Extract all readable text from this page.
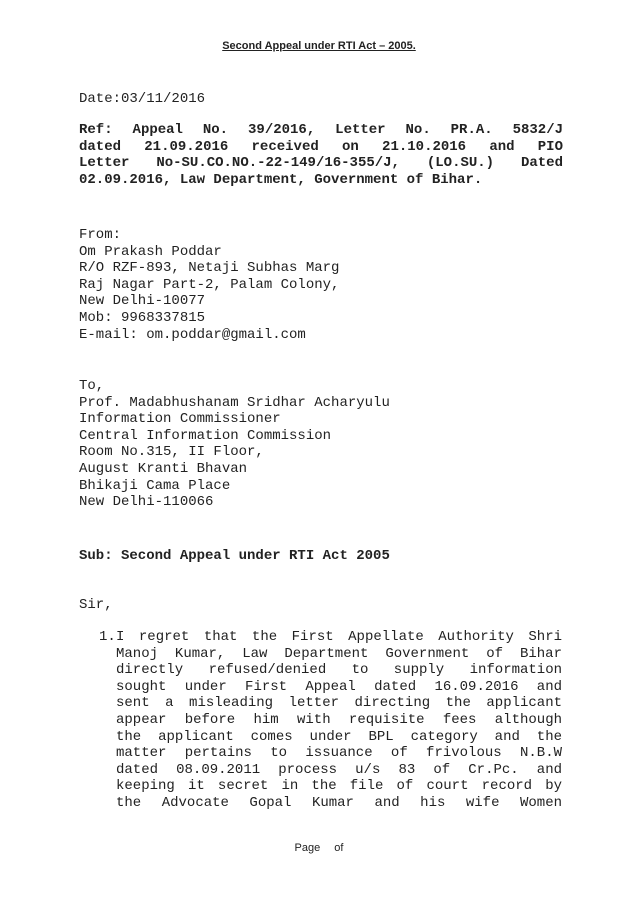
Second Appeal under RTI Act – 2005.
Date:03/11/2016
Ref: Appeal No. 39/2016, Letter No. PR.A. 5832/J
dated 21.09.2016 received on 21.10.2016 and PIO
Letter No-SU.CO.NO.-22-149/16-355/J, (LO.SU.) Dated
02.09.2016, Law Department, Government of Bihar.
From:
Om Prakash Poddar
R/O RZF-893, Netaji Subhas Marg
Raj Nagar Part-2, Palam Colony,
New Delhi-10077
Mob: 9968337815
E-mail: om.poddar@gmail.com
To,
Prof. Madabhushanam Sridhar Acharyulu
Information Commissioner
Central Information Commission
Room No.315, II Floor,
August Kranti Bhavan
Bhikaji Cama Place
New Delhi-110066
Sub: Second Appeal under RTI Act 2005
Sir,
1. I regret that the First Appellate Authority Shri
Manoj Kumar, Law Department Government of Bihar
directly refused/denied to supply information
sought under First Appeal dated 16.09.2016 and
sent a misleading letter directing the applicant
appear before him with requisite fees although
the applicant comes under BPL category and the
matter pertains to issuance of frivolous N.B.W
dated 08.09.2011 process u/s 83 of Cr.Pc. and
keeping it secret in the file of court record by
the Advocate Gopal Kumar and his wife Women
Page of
